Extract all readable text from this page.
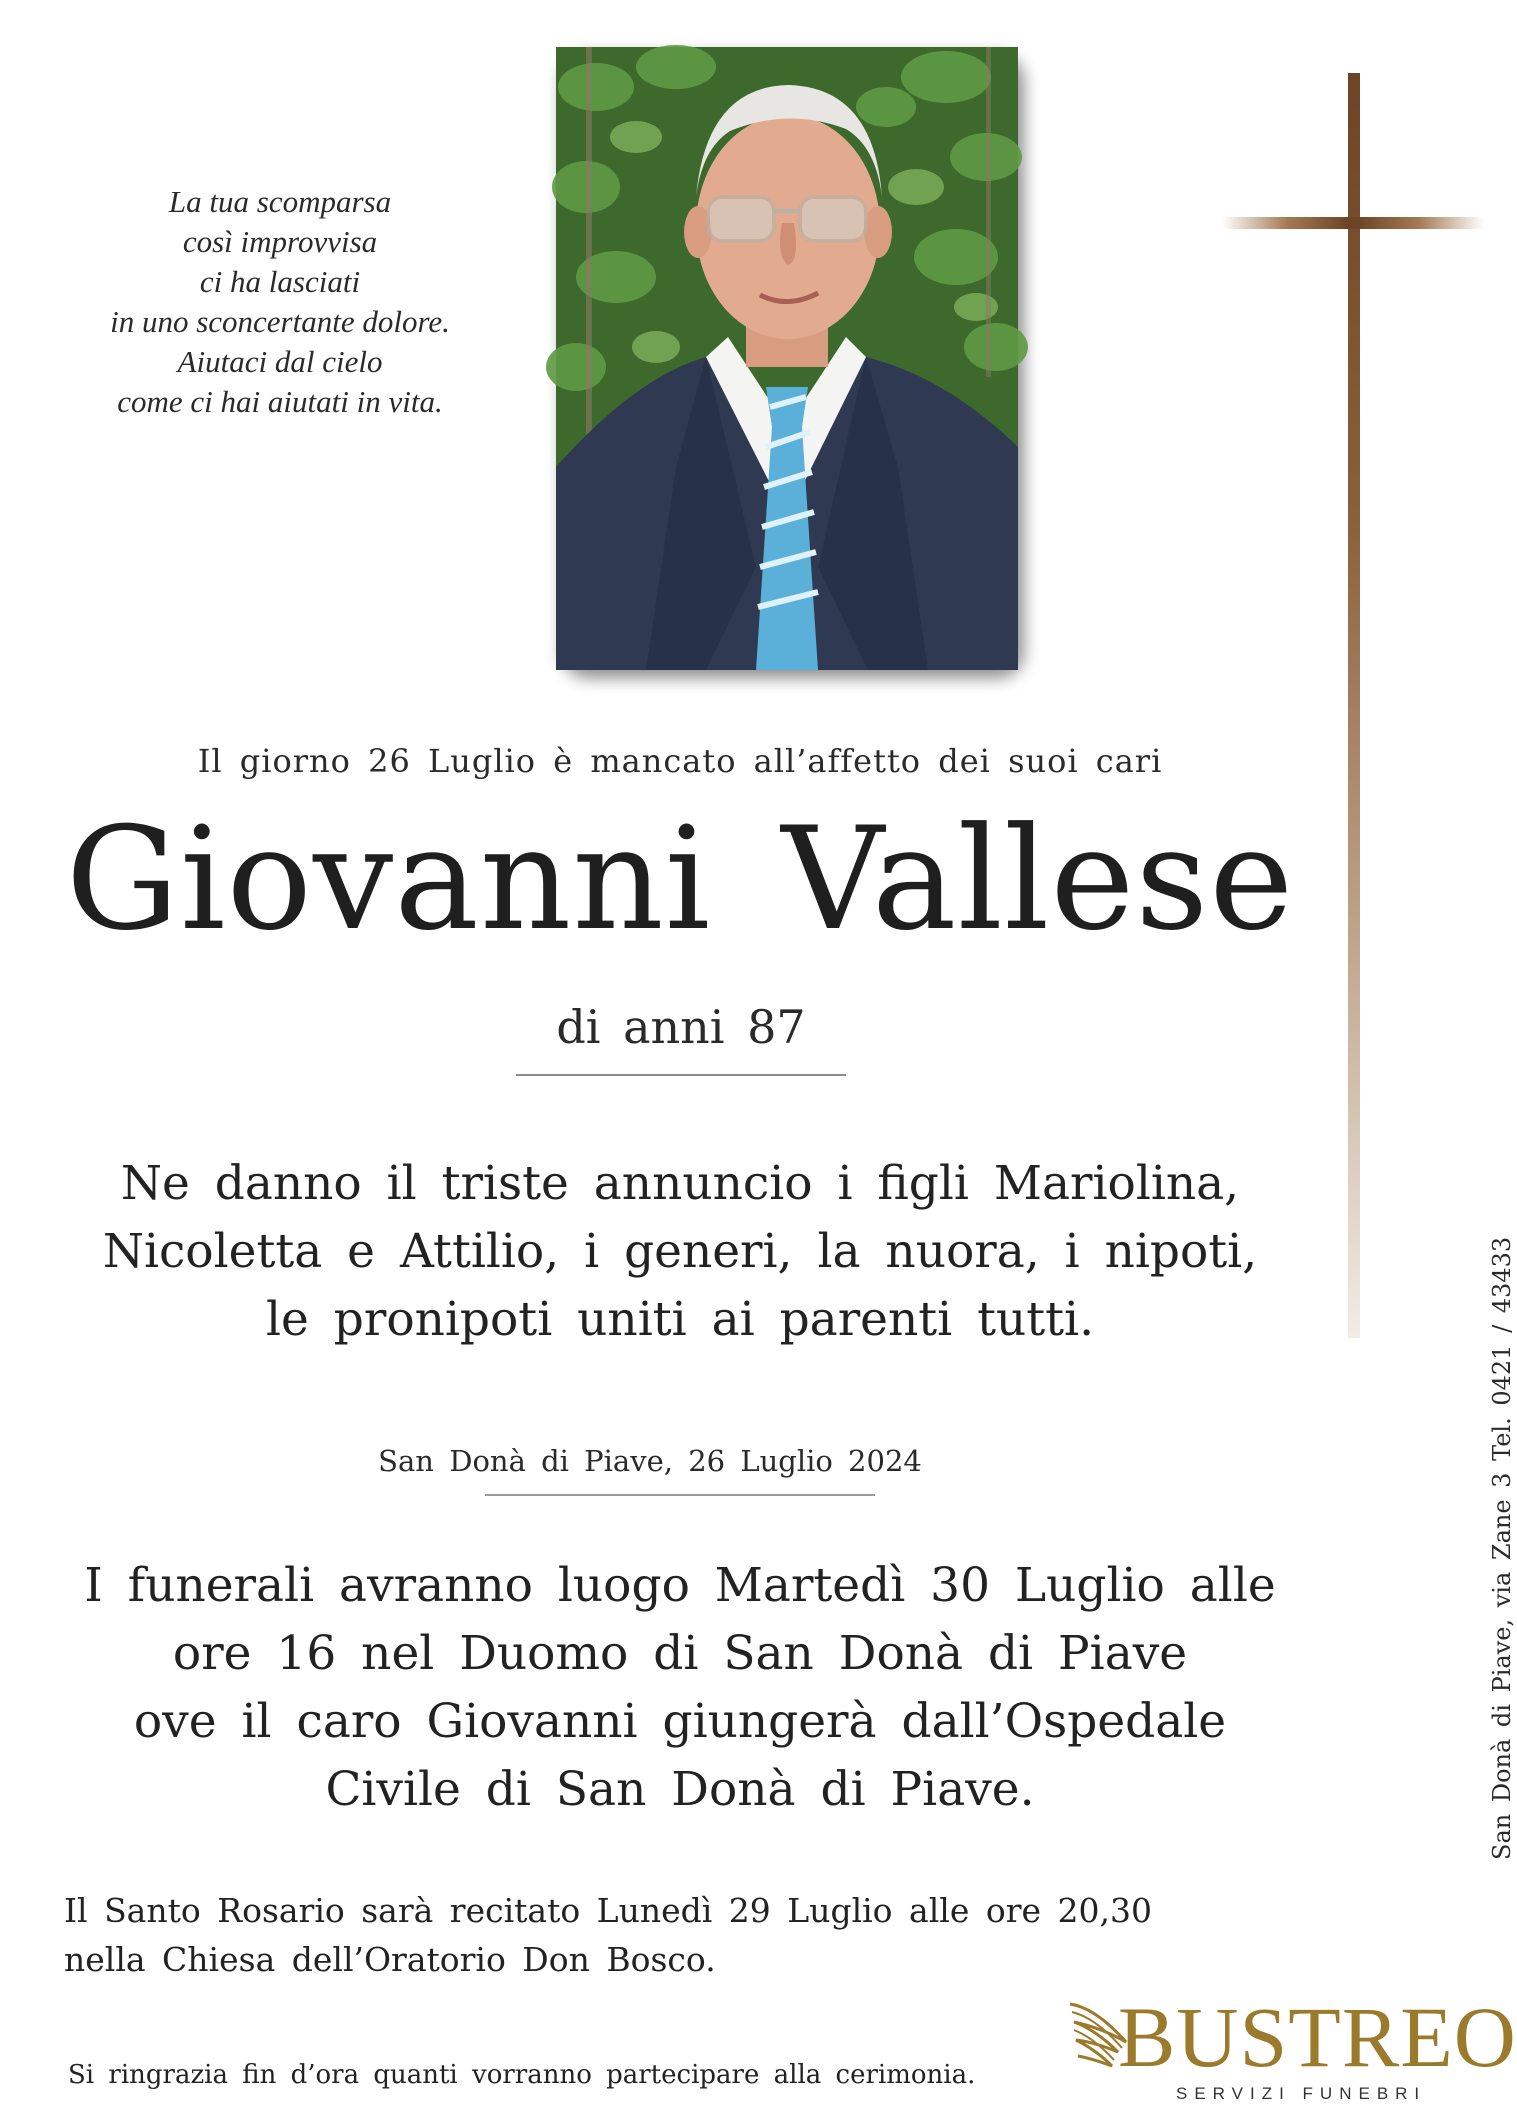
La tua scomparsa
così improvvisa
ci ha lasciati
in uno sconcertante dolore.
Aiutaci dal cielo
come ci hai aiutati in vita.
Il giorno 26 Luglio è mancato all’affetto dei suoi cari
Giovanni Vallese
di anni 87
Ne danno il triste annuncio i figli Mariolina,
Nicoletta e Attilio, i generi, la nuora, i nipoti,
le pronipoti uniti ai parenti tutti.
San Donà di Piave, 26 Luglio 2024
I funerali avranno luogo Martedì 30 Luglio alle
ore 16 nel Duomo di San Donà di Piave
ove il caro Giovanni giungerà dall’Ospedale
Civile di San Donà di Piave.
Il Santo Rosario sarà recitato Lunedì 29 Luglio alle ore 20,30
nella Chiesa dell’Oratorio Don Bosco.
Si ringrazia fin d’ora quanti vorranno partecipare alla cerimonia.
San Donà di Piave, via Zane 3 Tel. 0421 / 43433
BUSTREO
SERVIZI FUNEBRI
